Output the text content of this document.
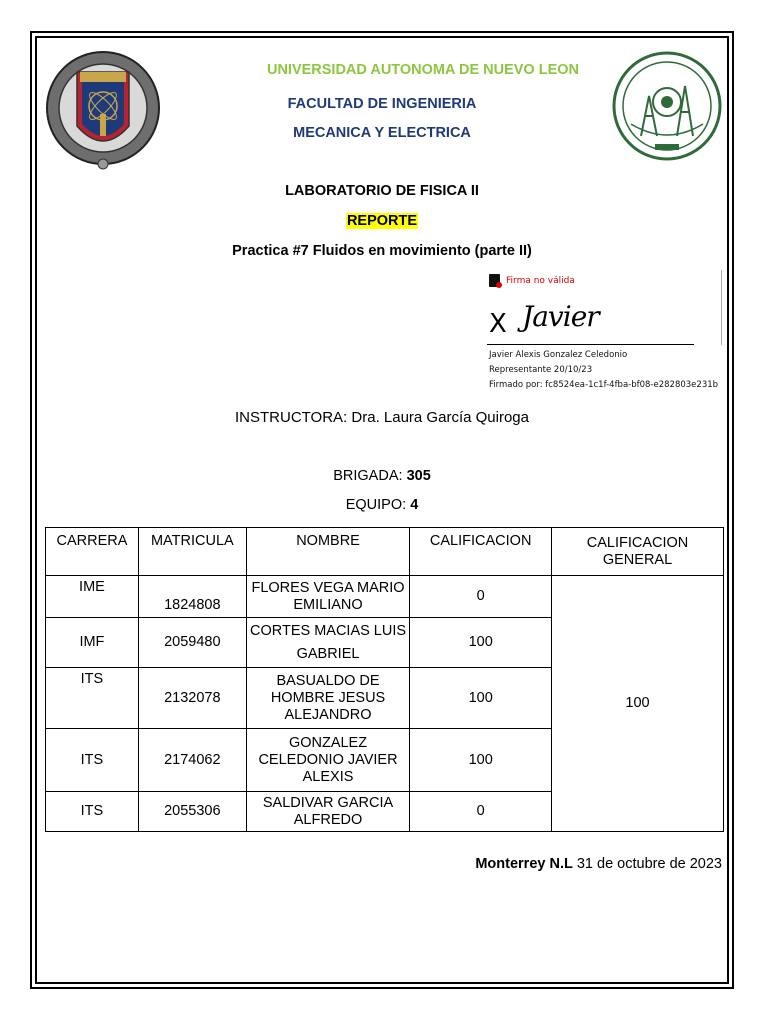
UNIVERSIDAD AUTONOMA DE NUEVO LEON
FACULTAD DE INGENIERIA
MECANICA Y ELECTRICA
LABORATORIO DE FISICA II
REPORTE
Practica #7 Fluidos en movimiento (parte II)
Firma no válida
X Javier
Javier Alexis Gonzalez Celedonio
Representante 20/10/23
Firmado por: fc8524ea-1c1f-4fba-bf08-e282803e231b
INSTRUCTORA: Dra. Laura García Quiroga
BRIGADA: 305
EQUIPO: 4
CARRERA	MATRICULA	NOMBRE	CALIFICACION	CALIFICACION GENERAL
IME	1824808	FLORES VEGA MARIO EMILIANO	0	100
IMF	2059480	CORTES MACIAS LUIS GABRIEL	100	
ITS	2132078	BASUALDO DE HOMBRE JESUS ALEJANDRO	100	
ITS	2174062	GONZALEZ CELEDONIO JAVIER ALEXIS	100	
ITS	2055306	SALDIVAR GARCIA ALFREDO	0	
Monterrey N.L 31 de octubre de 2023
